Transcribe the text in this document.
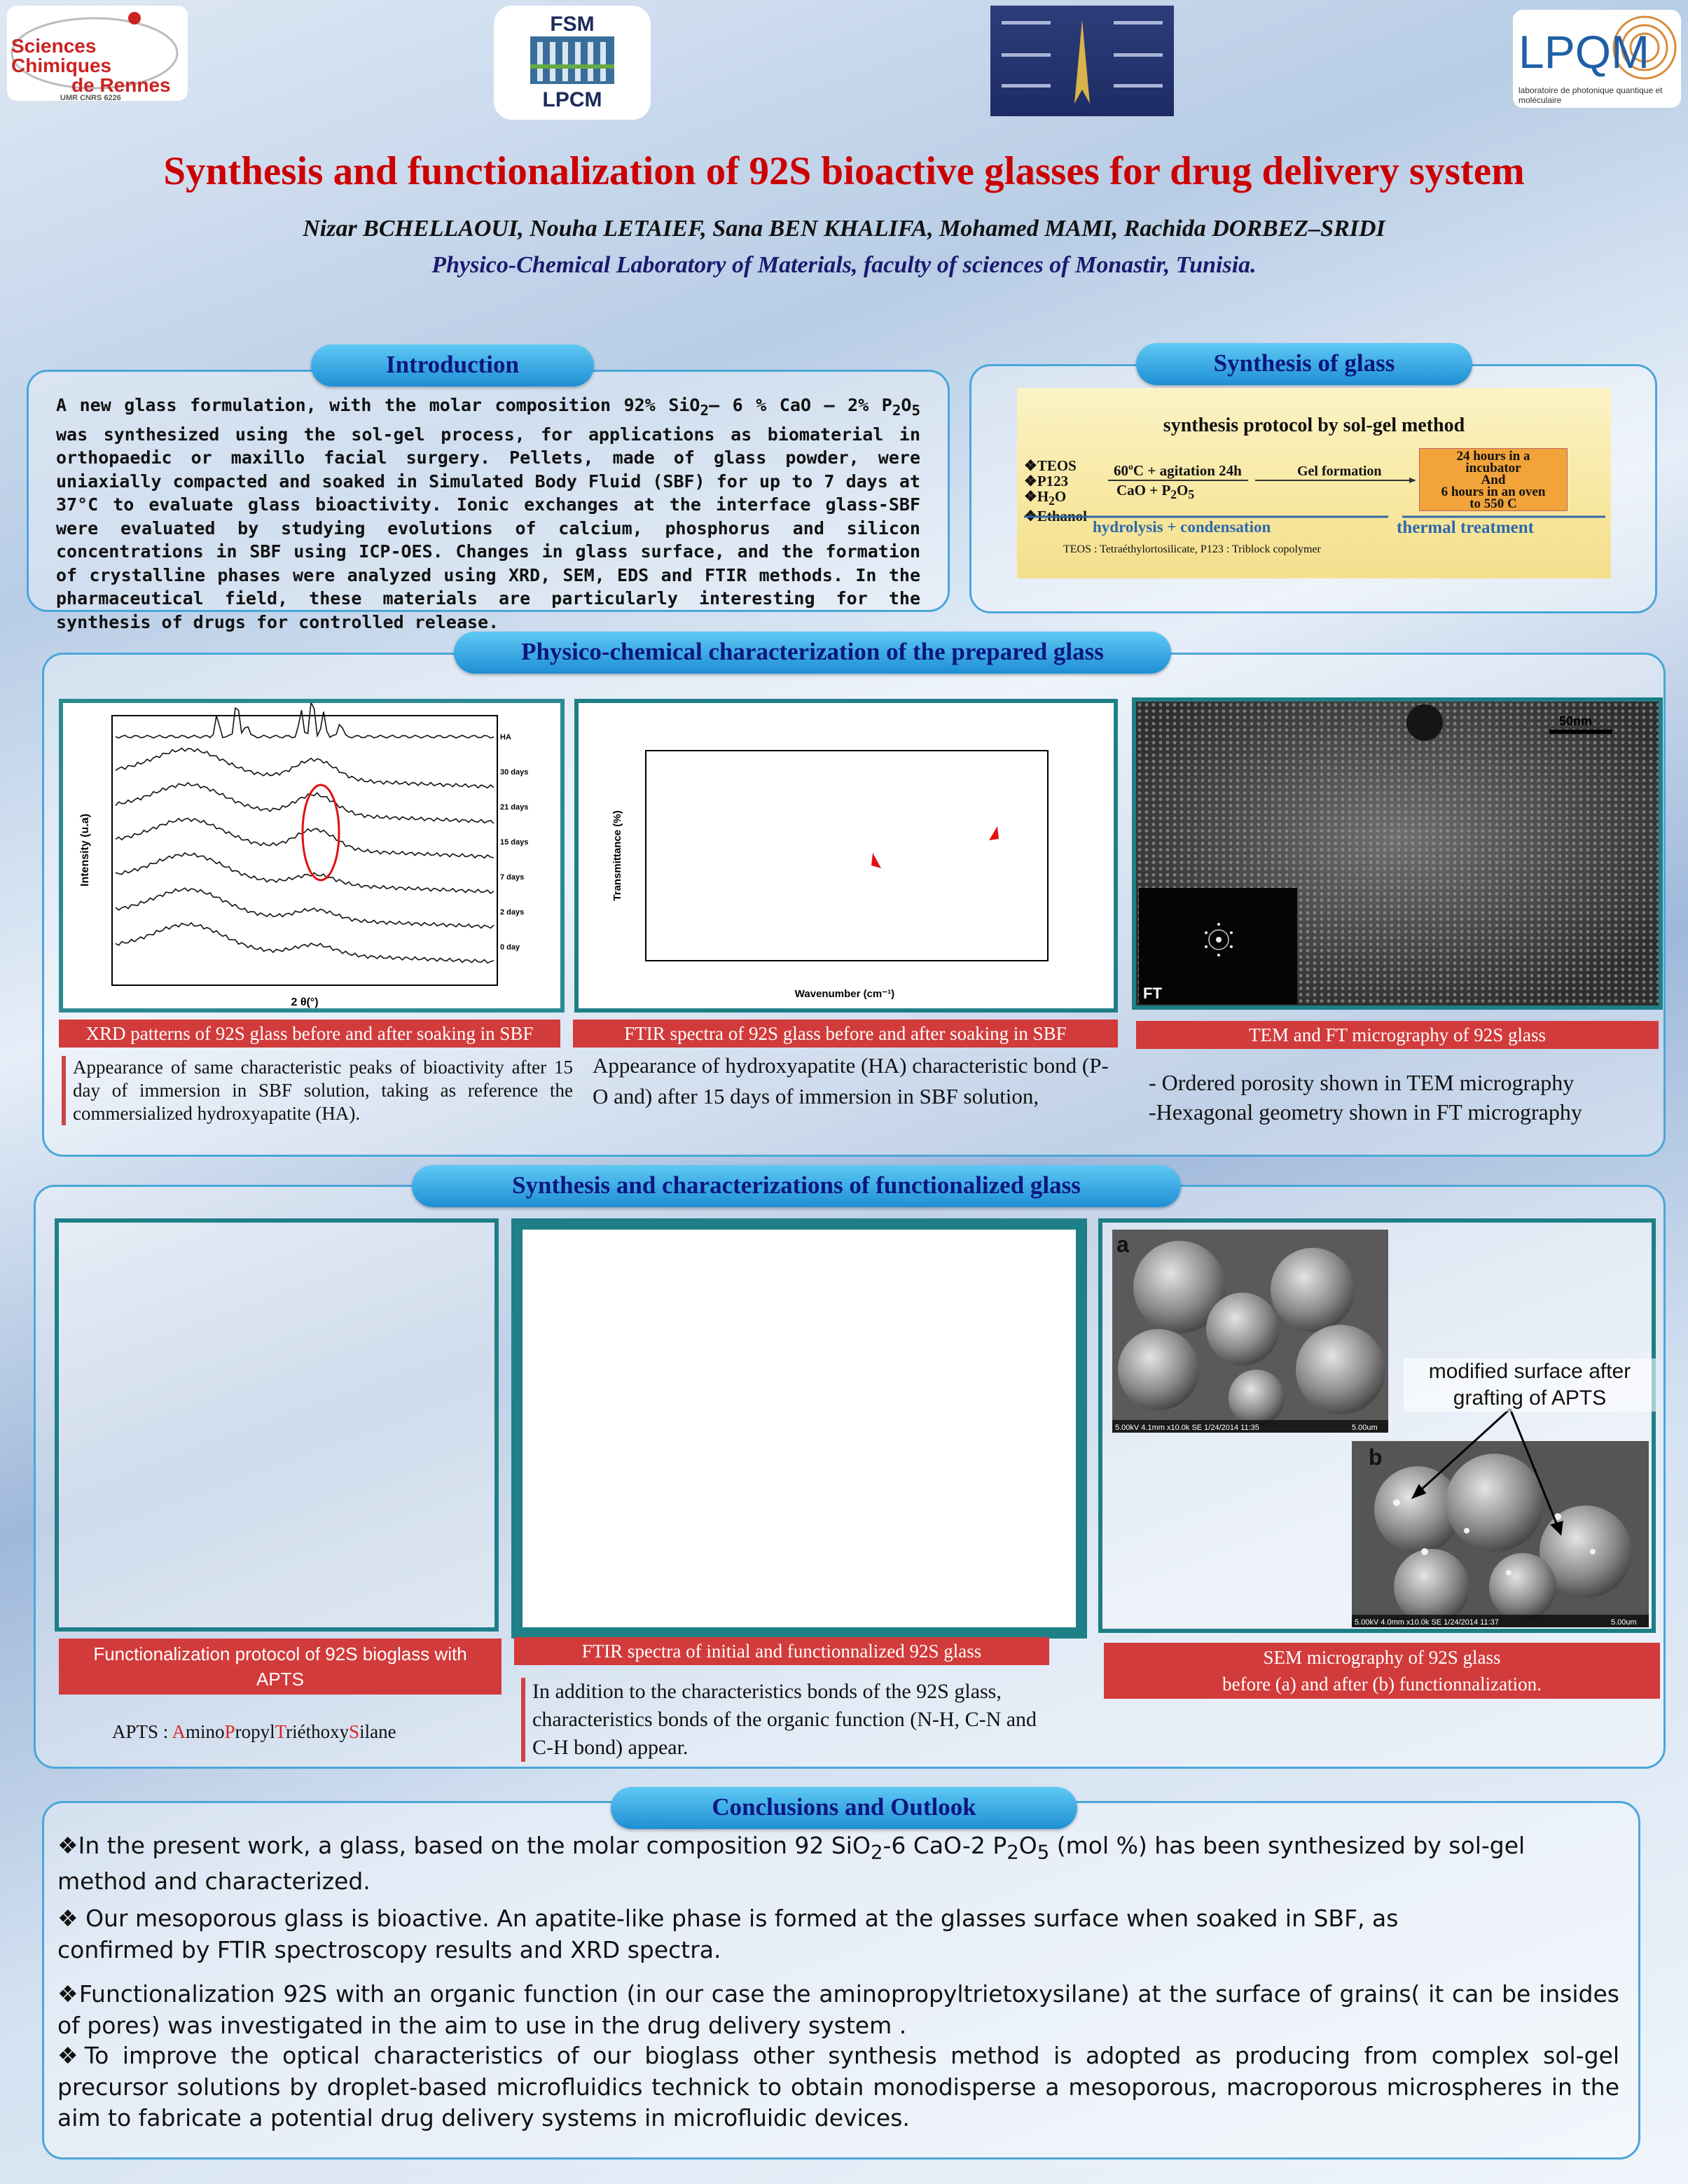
Sciences Chimiques
de Rennes
UMR CNRS 6226
FSM
LPCM
LPQM
laboratoire de photonique quantique et moléculaire
Synthesis and functionalization of 92S bioactive glasses for drug delivery system
Nizar BCHELLAOUI, Nouha LETAIEF, Sana BEN KHALIFA, Mohamed MAMI, Rachida DORBEZ–SRIDI
Physico-Chemical Laboratory of Materials, faculty of sciences of Monastir, Tunisia.
Introduction
A new glass formulation, with the molar composition 92% SiO$_2$– 6 % CaO – 2% $P_2O_5$ was synthesized using the sol-gel process, for applications as biomaterial in orthopaedic or maxillo facial surgery. Pellets, made of glass powder, were uniaxially compacted and soaked in Simulated Body Fluid (SBF) for up to 7 days at 37°C to evaluate glass bioactivity. Ionic exchanges at the interface glass-SBF were evaluated by studying evolutions of calcium, phosphorus and silicon concentrations in SBF using ICP-OES. Changes in glass surface, and the formation of crystalline phases were analyzed using XRD, SEM, EDS and FTIR methods. In the pharmaceutical field, these materials are particularly interesting for the synthesis of drugs for controlled release.
Synthesis of glass
synthesis protocol by sol-gel method
❖TEOS
❖P123
$❖H_2O$
❖Ethanol
60ºC + agitation 24h
CaO + $P_2O_5$
Gel formation
24 hours in a
incubator
And
6 hours in an oven
to 550 C
hydrolysis + condensation	thermal treatment
TEOS : Tetraéthylortosilicate, P123 : Triblock copolymer
Physico-chemical characterization of the prepared glass
HA
30 days
21 days
15 days
7 days
2 days
0 day
Intensity (u.a)
2 θ(°)
XRD patterns of 92S glass before and after soaking in SBF
Appearance of same characteristic peaks of bioactivity after 15 day of immersion in SBF solution, taking as reference the commersialized hydroxyapatite (HA).
Transmittance (%)
Wavenumber (cm⁻¹)
FTIR spectra of 92S glass before and after soaking in SBF
Appearance of hydroxyapatite (HA) characteristic bond (P-O and) after 15 days of immersion in SBF solution,
50nm
FT
TEM and FT micrography of 92S glass
- Ordered porosity shown in TEM micrography
-Hexagonal geometry shown in FT micrography
Synthesis and characterizations of functionalized glass
Functionalization protocol of 92S bioglass with APTS
APTS : AminoPropylTriéthoxySilane
FTIR spectra of initial and functionnalized 92S glass
In addition to the characteristics bonds of the 92S glass, characteristics bonds of the organic function (N-H, C-N and C-H bond) appear.
5.00kV 4.1mm x10.0k SE 1/24/2014 11:35	5.00um
a
5.00kV 4.0mm x10.0k SE 1/24/2014 11:37	5.00um
b
modified surface after grafting of APTS
SEM micrography of 92S glass
before (a) and after (b) functionnalization.
Conclusions and Outlook
❖In the present work, a glass, based on the molar composition 92 SiO$_2$-6 CaO-2 $P_2O_5$ (mol %) has been synthesized by sol-gel method and characterized.
❖ Our mesoporous glass is bioactive. An apatite-like phase is formed at the glasses surface when soaked in SBF, as confirmed by FTIR spectroscopy results and XRD spectra.
❖Functionalization 92S with an organic function (in our case the aminopropyltrietoxysilane) at the surface of grains( it can be insides of pores) was investigated in the aim to use in the drug delivery system .
❖To improve the optical characteristics of our bioglass other synthesis method is adopted as producing from complex sol-gel precursor solutions by droplet-based microfluidics technick to obtain monodisperse a mesoporous, macroporous microspheres in the aim to fabricate a potential drug delivery systems in microfluidic devices.
